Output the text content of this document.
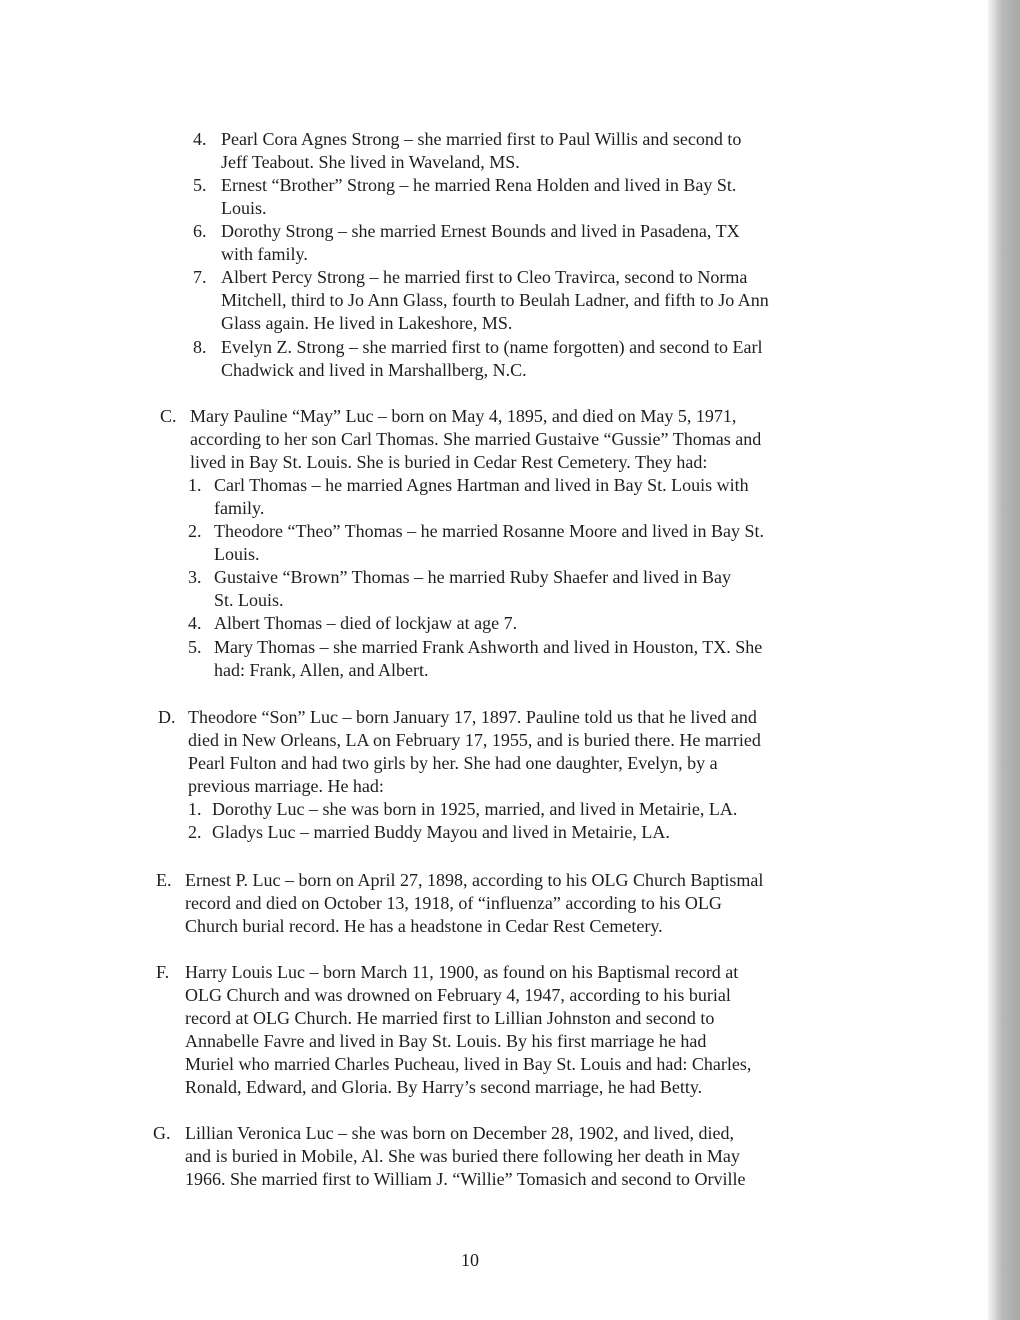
4. Pearl Cora Agnes Strong – she married first to Paul Willis and second to
Jeff Teabout. She lived in Waveland, MS.
5. Ernest “Brother” Strong – he married Rena Holden and lived in Bay St.
Louis.
6. Dorothy Strong – she married Ernest Bounds and lived in Pasadena, TX
with family.
7. Albert Percy Strong – he married first to Cleo Travirca, second to Norma
Mitchell, third to Jo Ann Glass, fourth to Beulah Ladner, and fifth to Jo Ann
Glass again. He lived in Lakeshore, MS.
8. Evelyn Z. Strong – she married first to (name forgotten) and second to Earl
Chadwick and lived in Marshallberg, N.C.
C. Mary Pauline “May” Luc – born on May 4, 1895, and died on May 5, 1971,
according to her son Carl Thomas. She married Gustaive “Gussie” Thomas and
lived in Bay St. Louis. She is buried in Cedar Rest Cemetery. They had:
1. Carl Thomas – he married Agnes Hartman and lived in Bay St. Louis with
family.
2. Theodore “Theo” Thomas – he married Rosanne Moore and lived in Bay St.
Louis.
3. Gustaive “Brown” Thomas – he married Ruby Shaefer and lived in Bay
St. Louis.
4. Albert Thomas – died of lockjaw at age 7.
5. Mary Thomas – she married Frank Ashworth and lived in Houston, TX. She
had: Frank, Allen, and Albert.
D. Theodore “Son” Luc – born January 17, 1897. Pauline told us that he lived and
died in New Orleans, LA on February 17, 1955, and is buried there. He married
Pearl Fulton and had two girls by her. She had one daughter, Evelyn, by a
previous marriage. He had:
1. Dorothy Luc – she was born in 1925, married, and lived in Metairie, LA.
2. Gladys Luc – married Buddy Mayou and lived in Metairie, LA.
E. Ernest P. Luc – born on April 27, 1898, according to his OLG Church Baptismal
record and died on October 13, 1918, of “influenza” according to his OLG
Church burial record. He has a headstone in Cedar Rest Cemetery.
F. Harry Louis Luc – born March 11, 1900, as found on his Baptismal record at
OLG Church and was drowned on February 4, 1947, according to his burial
record at OLG Church. He married first to Lillian Johnston and second to
Annabelle Favre and lived in Bay St. Louis. By his first marriage he had
Muriel who married Charles Pucheau, lived in Bay St. Louis and had: Charles,
Ronald, Edward, and Gloria. By Harry’s second marriage, he had Betty.
G. Lillian Veronica Luc – she was born on December 28, 1902, and lived, died,
and is buried in Mobile, Al. She was buried there following her death in May
1966. She married first to William J. “Willie” Tomasich and second to Orville
10
